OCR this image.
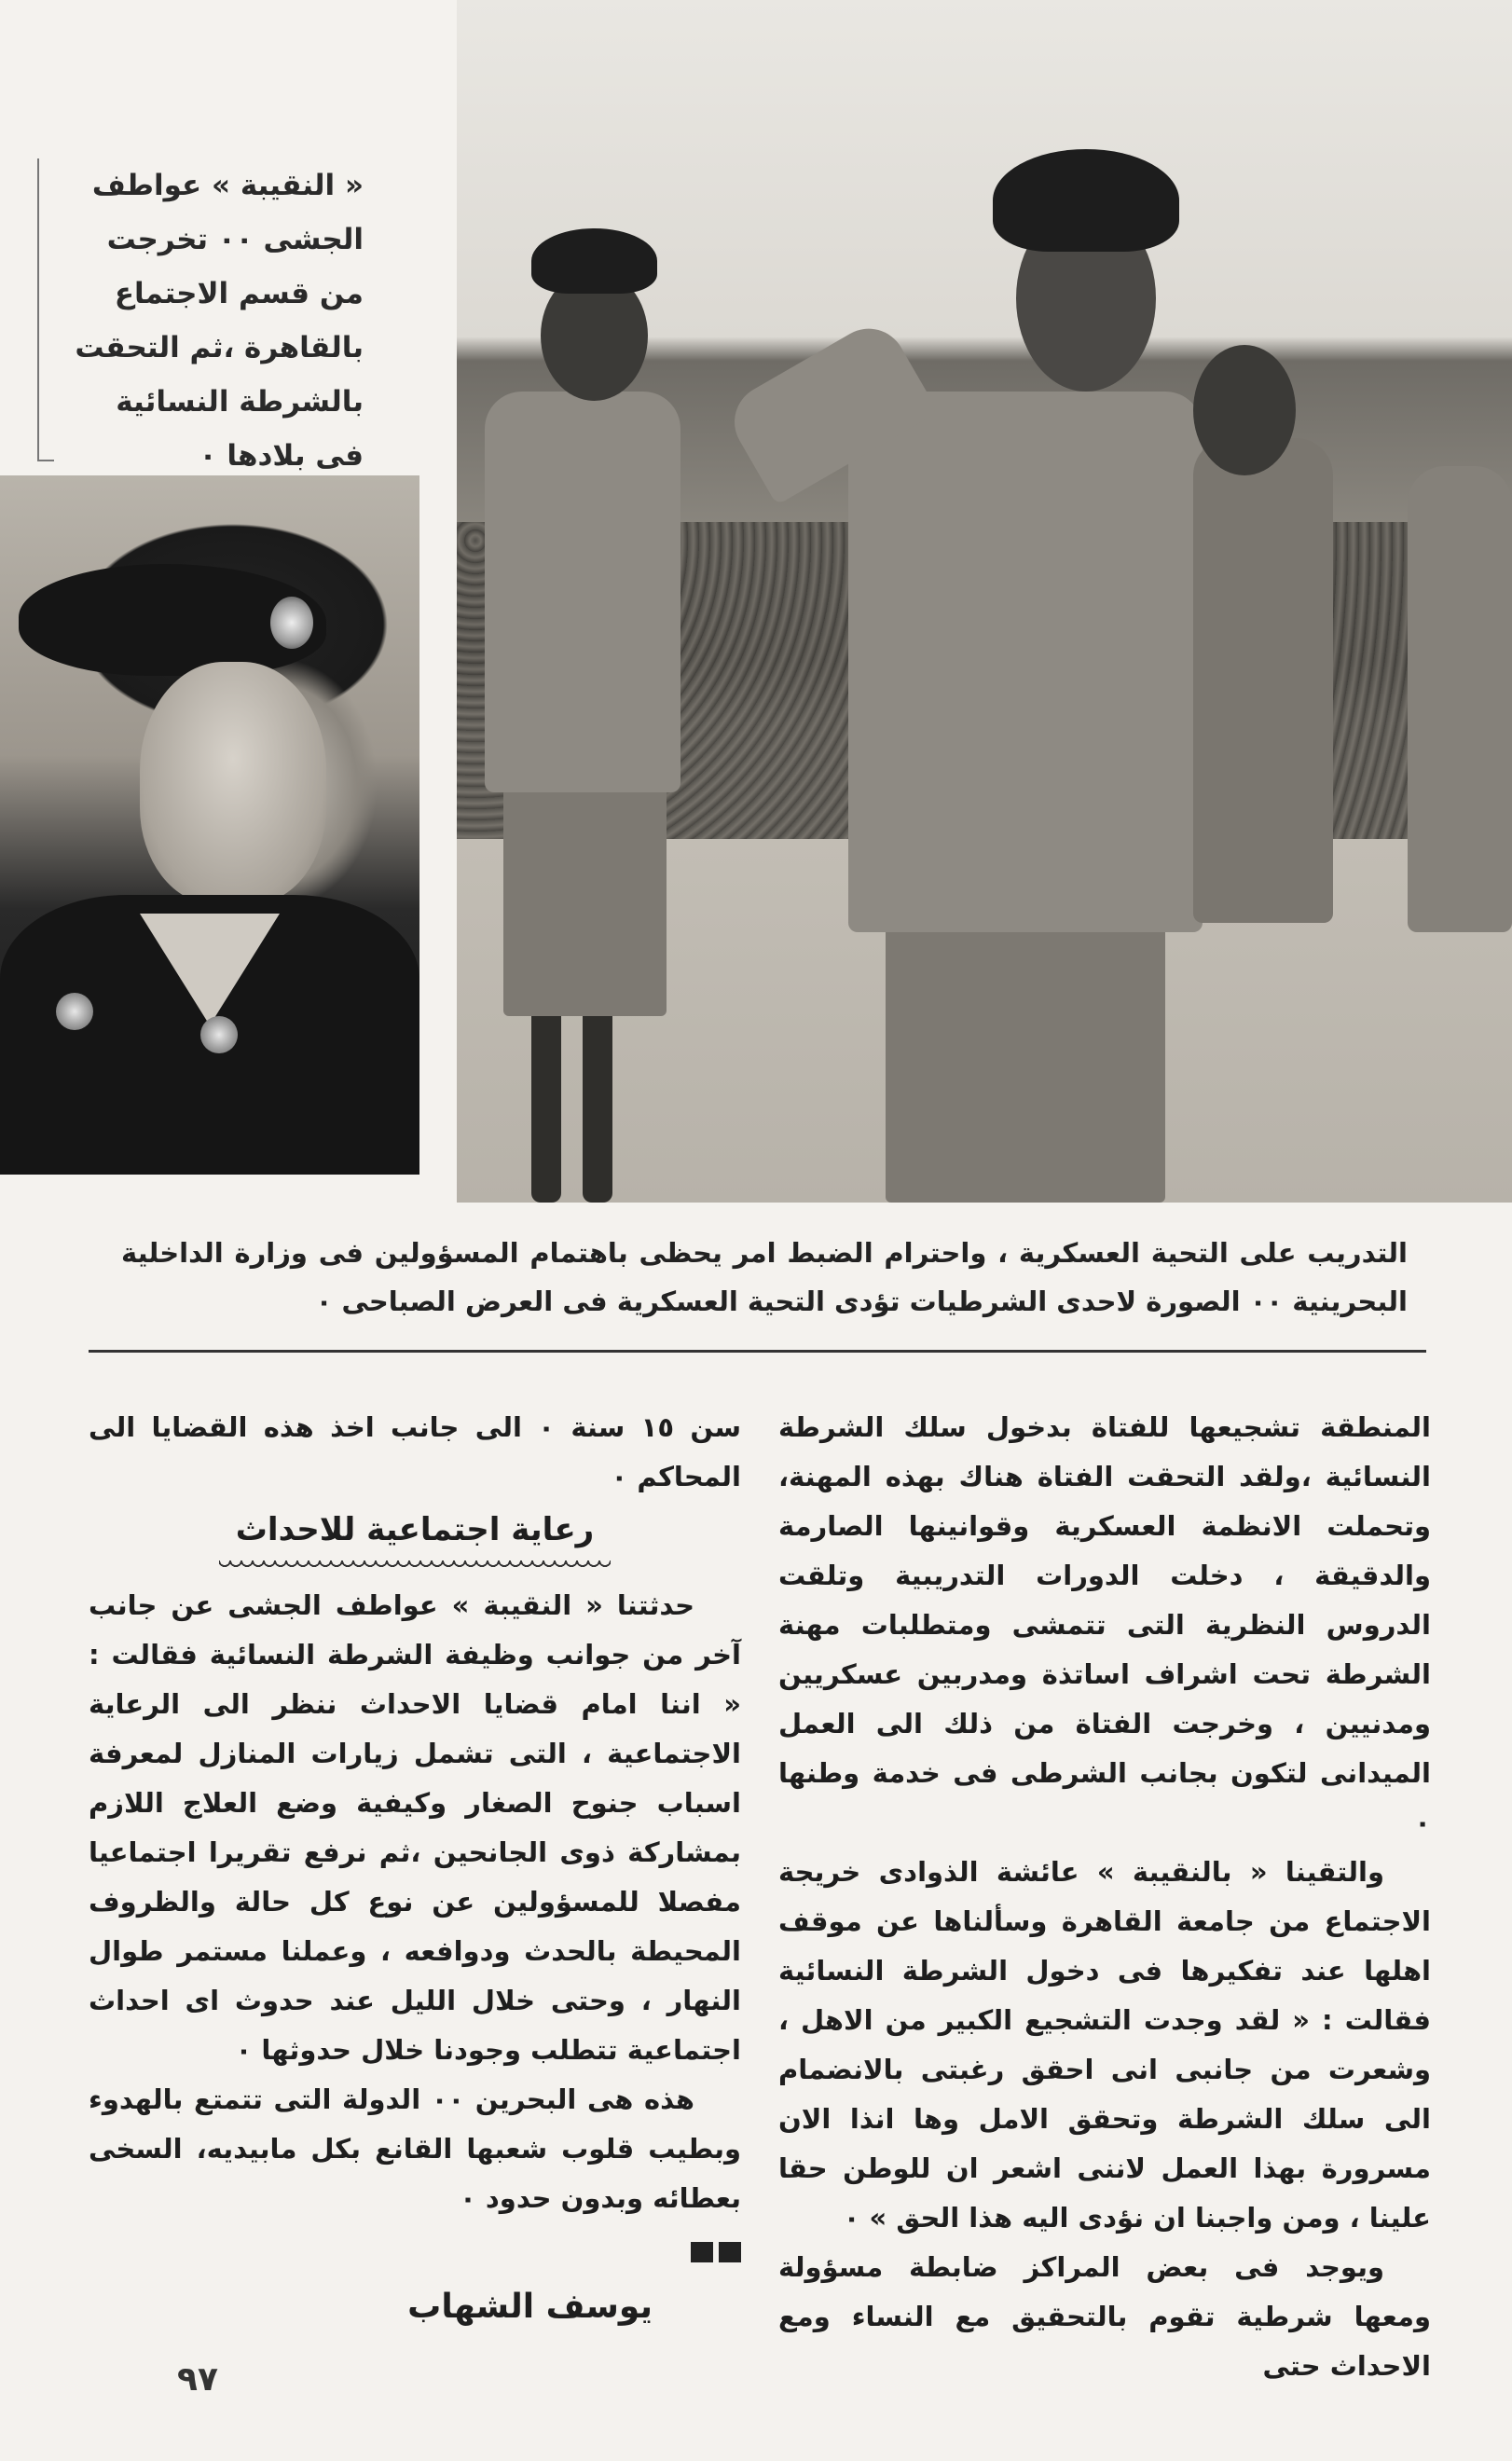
« النقيبة » عواطف الجشى ٠٠ تخرجت من قسم الاجتماع بالقاهرة ،ثم التحقت بالشرطة النسائية فى بلادها ٠
التدريب على التحية العسكرية ، واحترام الضبط امر يحظى باهتمام المسؤولين فى وزارة الداخلية البحرينية ٠٠ الصورة لاحدى الشرطيات تؤدى التحية العسكرية فى العرض الصباحى ٠

المنطقة تشجيعها للفتاة بدخول سلك الشرطة النسائية ،ولقد التحقت الفتاة هناك بهذه المهنة، وتحملت الانظمة العسكرية وقوانينها الصارمة والدقيقة ، دخلت الدورات التدريبية وتلقت الدروس النظرية التى تتمشى ومتطلبات مهنة الشرطة تحت اشراف اساتذة ومدربين عسكريين ومدنيين ، وخرجت الفتاة من ذلك الى العمل الميدانى لتكون بجانب الشرطى فى خدمة وطنها ٠

والتقينا « بالنقيبة » عائشة الذوادى خريجة الاجتماع من جامعة القاهرة وسألناها عن موقف اهلها عند تفكيرها فى دخول الشرطة النسائية فقالت : « لقد وجدت التشجيع الكبير من الاهل ، وشعرت من جانبى انى احقق رغبتى بالانضمام الى سلك الشرطة وتحقق الامل وها انذا الان مسرورة بهذا العمل لاننى اشعر ان للوطن حقا علينا ، ومن واجبنا ان نؤدى اليه هذا الحق » ٠

ويوجد فى بعض المراكز ضابطة مسؤولة ومعها شرطية تقوم بالتحقيق مع النساء ومع الاحداث حتى

سن ١٥ سنة ٠ الى جانب اخذ هذه القضايا الى المحاكم ٠

رعاية اجتماعية للاحداث

حدثتنا « النقيبة » عواطف الجشى عن جانب آخر من جوانب وظيفة الشرطة النسائية فقالت : « اننا امام قضايا الاحداث ننظر الى الرعاية الاجتماعية ، التى تشمل زيارات المنازل لمعرفة اسباب جنوح الصغار وكيفية وضع العلاج اللازم بمشاركة ذوى الجانحين ،ثم نرفع تقريرا اجتماعيا مفصلا للمسؤولين عن نوع كل حالة والظروف المحيطة بالحدث ودوافعه ، وعملنا مستمر طوال النهار ، وحتى خلال الليل عند حدوث اى احداث اجتماعية تتطلب وجودنا خلال حدوثها ٠

هذه هى البحرين ٠٠ الدولة التى تتمتع بالهدوء وبطيب قلوب شعبها القانع بكل مابيديه، السخى بعطائه وبدون حدود ٠

يوسف الشهاب
٩٧
